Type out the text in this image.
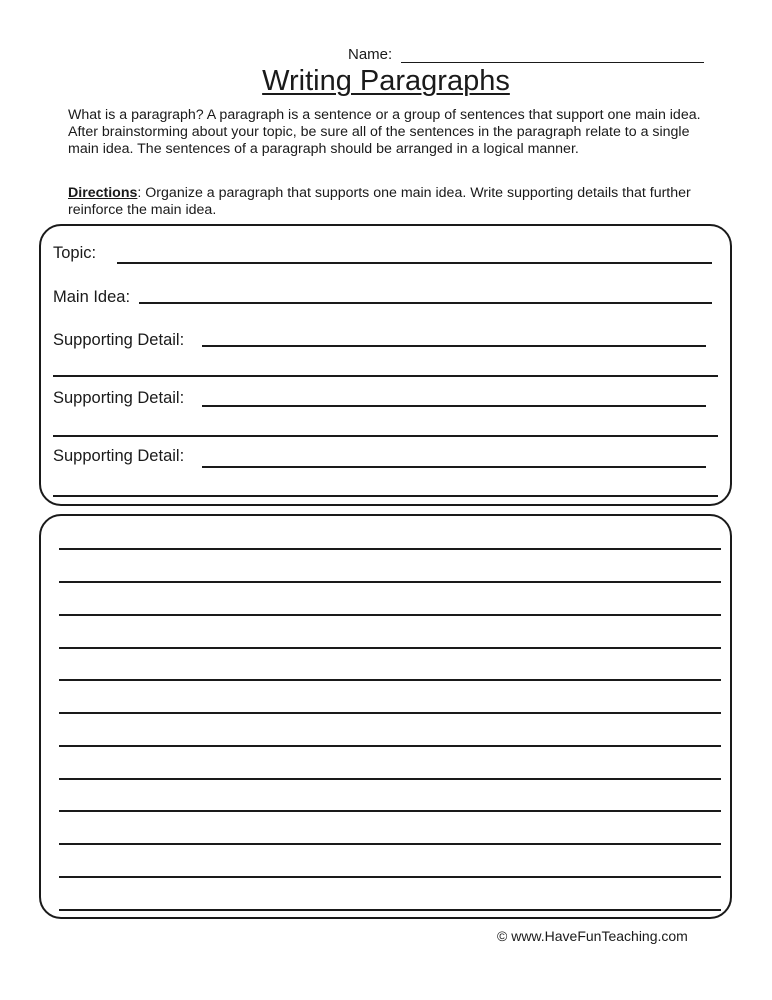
Name:
Writing Paragraphs

What is a paragraph? A paragraph is a sentence or a group of sentences that support one main idea. After brainstorming about your topic, be sure all of the sentences in the paragraph relate to a single main idea. The sentences of a paragraph should be arranged in a logical manner.

Directions: Organize a paragraph that supports one main idea. Write supporting details that further reinforce the main idea.

Topic:
Main Idea:
Supporting Detail:
Supporting Detail:
Supporting Detail:
© www.HaveFunTeaching.com
